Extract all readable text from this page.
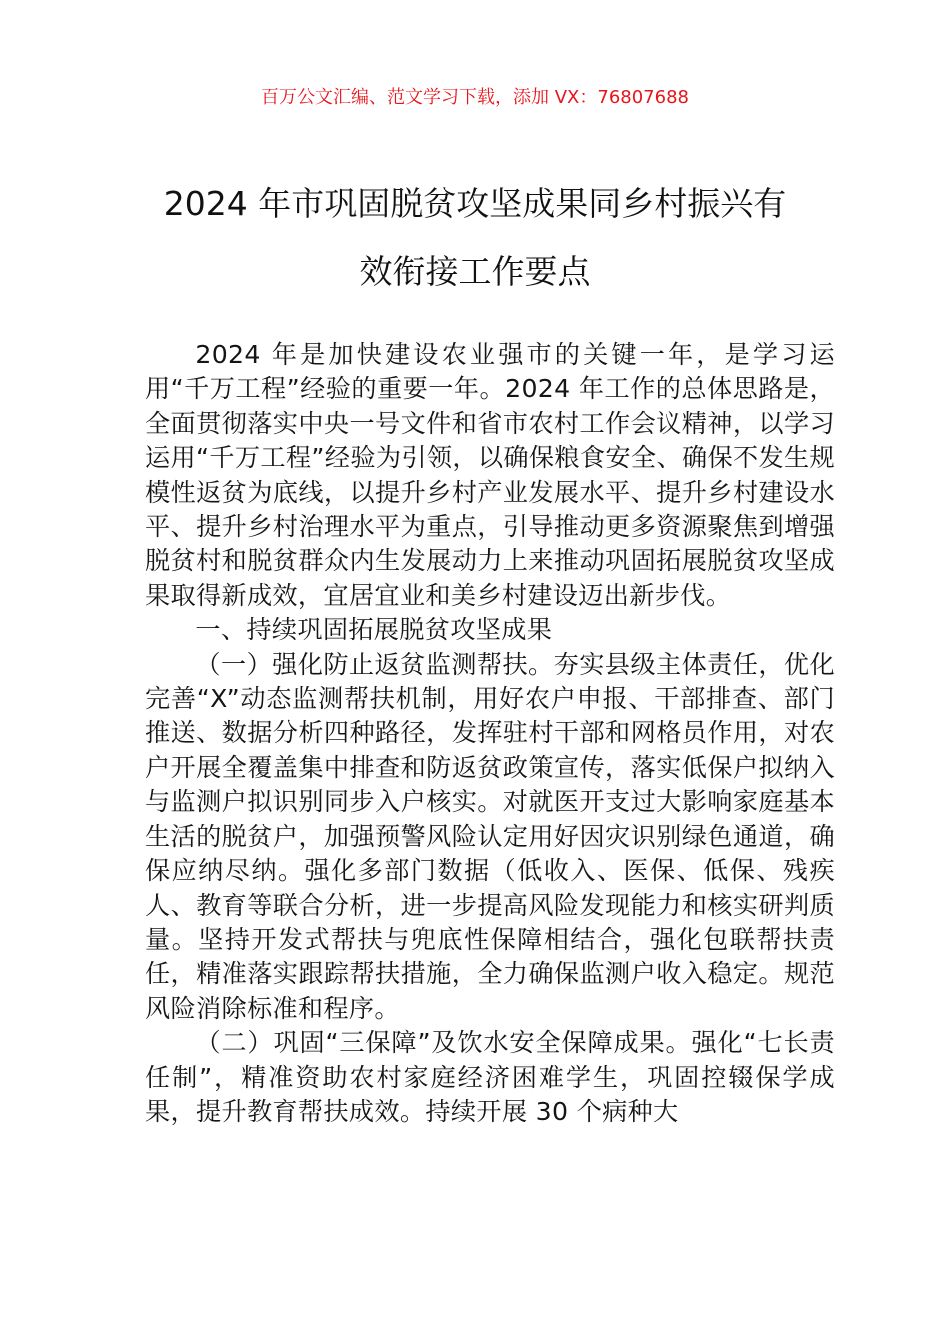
百万公文汇编、范文学习下载，添加 VX：76807688
2024 年市巩固脱贫攻坚成果同乡村振兴有
效衔接工作要点

2024 年是加快建设农业强市的关键一年，是学习运用“千万工程”经验的重要一年。2024 年工作的总体思路是，全面贯彻落实中央一号文件和省市农村工作会议精神，以学习运用“千万工程”经验为引领，以确保粮食安全、确保不发生规模性返贫为底线，以提升乡村产业发展水平、提升乡村建设水平、提升乡村治理水平为重点，引导推动更多资源聚焦到增强脱贫村和脱贫群众内生发展动力上来推动巩固拓展脱贫攻坚成果取得新成效，宜居宜业和美乡村建设迈出新步伐。

一、持续巩固拓展脱贫攻坚成果

（一）强化防止返贫监测帮扶。夯实县级主体责任，优化完善“X”动态监测帮扶机制，用好农户申报、干部排查、部门推送、数据分析四种路径，发挥驻村干部和网格员作用，对农户开展全覆盖集中排查和防返贫政策宣传，落实低保户拟纳入与监测户拟识别同步入户核实。对就医开支过大影响家庭基本生活的脱贫户，加强预警风险认定用好因灾识别绿色通道，确保应纳尽纳。强化多部门数据（低收入、医保、低保、残疾人、教育等联合分析，进一步提高风险发现能力和核实研判质量。坚持开发式帮扶与兜底性保障相结合，强化包联帮扶责任，精准落实跟踪帮扶措施，全力确保监测户收入稳定。规范风险消除标准和程序。

（二）巩固“三保障”及饮水安全保障成果。强化“七长责任制”，精准资助农村家庭经济困难学生，巩固控辍保学成果，提升教育帮扶成效。持续开展 30 个病种大
